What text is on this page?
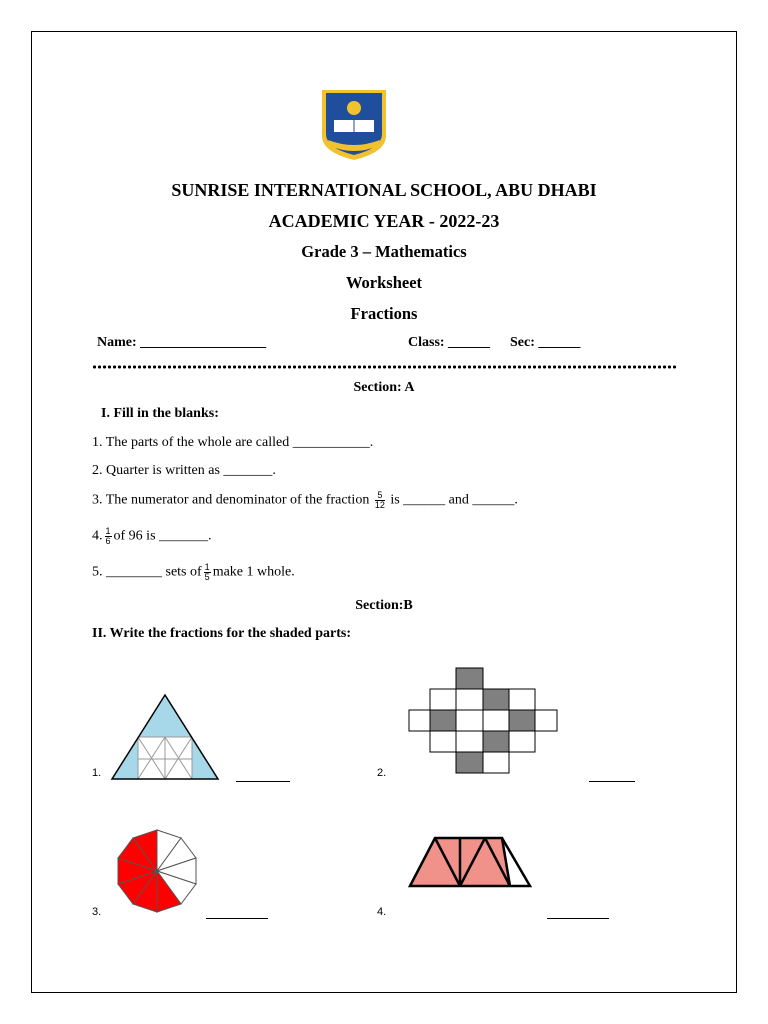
SUNRISE INTERNATIONAL SCHOOL, ABU DHABI
ACADEMIC YEAR - 2022-23
Grade 3 – Mathematics
Worksheet
Fractions
Name: __________________	Class: ______ Sec: ______
Section: A
I. Fill in the blanks:
1. The parts of the whole are called ___________.
2. Quarter is written as _______.
3. The numerator and denominator of the fraction $\frac{5}{12}$ is ______ and ______.
4. $\frac{1}{6}$ of 96 is _______.
5. ________ sets of $\frac{1}{5}$ make 1 whole.
Section:B
II. Write the fractions for the shaded parts:
1.	2.
3.	4.
